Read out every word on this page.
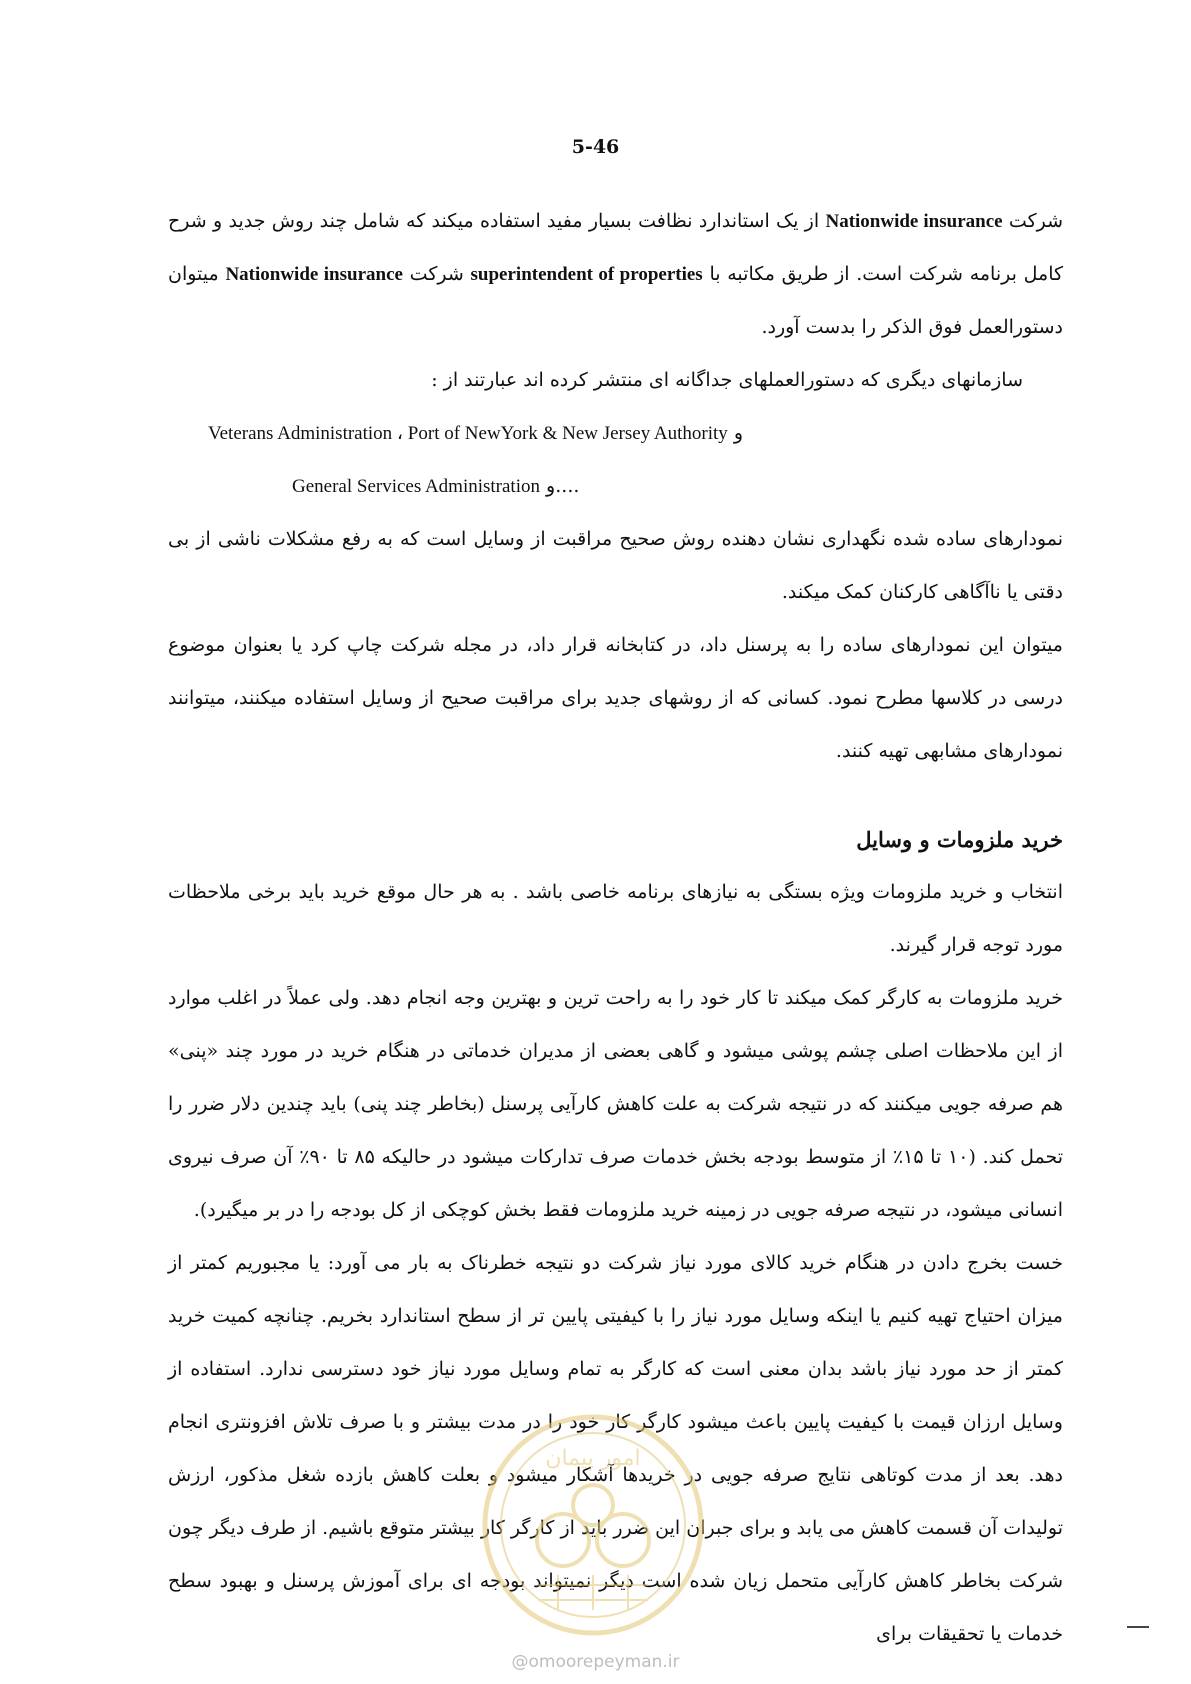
5-46

شرکت Nationwide insurance از یک استاندارد نظافت بسیار مفید استفاده میکند که شامل چند روش جدید و شرح کامل برنامه شرکت است. از طریق مکاتبه با superintendent of properties شرکت Nationwide insurance میتوان دستورالعمل فوق الذکر را بدست آورد.

سازمانهای دیگری که دستورالعملهای جداگانه ای منتشر کرده اند عبارتند از :

Veterans Administration ، Port of NewYork & New Jersey Authority و

General Services Administration و....

نمودارهای ساده شده نگهداری نشان دهنده روش صحیح مراقبت از وسایل است که به رفع مشکلات ناشی از بی دقتی یا ناآگاهی کارکنان کمک میکند.

میتوان این نمودارهای ساده را به پرسنل داد، در کتابخانه قرار داد، در مجله شرکت چاپ کرد یا بعنوان موضوع درسی در کلاسها مطرح نمود. کسانی که از روشهای جدید برای مراقبت صحیح از وسایل استفاده میکنند، میتوانند نمودارهای مشابهی تهیه کنند.

خرید ملزومات و وسایل

انتخاب و خرید ملزومات ویژه بستگی به نیازهای برنامه خاصی باشد . به هر حال موقع خرید باید برخی ملاحظات مورد توجه قرار گیرند.

خرید ملزومات به کارگر کمک میکند تا کار خود را به راحت ترین و بهترین وجه انجام دهد. ولی عملاً در اغلب موارد از این ملاحظات اصلی چشم پوشی میشود و گاهی بعضی از مدیران خدماتی در هنگام خرید در مورد چند «پنی» هم صرفه جویی میکنند که در نتیجه شرکت به علت کاهش کارآیی پرسنل (بخاطر چند پنی) باید چندین دلار ضرر را تحمل کند. (۱۰ تا ۱۵٪ از متوسط بودجه بخش خدمات صرف تدارکات میشود در حالیکه ۸۵ تا ۹۰٪ آن صرف نیروی انسانی میشود، در نتیجه صرفه جویی در زمینه خرید ملزومات فقط بخش کوچکی از کل بودجه را در بر میگیرد).

خست بخرج دادن در هنگام خرید کالای مورد نیاز شرکت دو نتیجه خطرناک به بار می آورد: یا مجبوریم کمتر از میزان احتیاج تهیه کنیم یا اینکه وسایل مورد نیاز را با کیفیتی پایین تر از سطح استاندارد بخریم. چنانچه کمیت خرید کمتر از حد مورد نیاز باشد بدان معنی است که کارگر به تمام وسایل مورد نیاز خود دسترسی ندارد. استفاده از وسایل ارزان قیمت با کیفیت پایین باعث میشود کارگر کار خود را در مدت بیشتر و با صرف تلاش افزونتری انجام دهد. بعد از مدت کوتاهی نتایج صرفه جویی در خریدها آشکار میشود و بعلت کاهش بازده شغل مذکور، ارزش تولیدات آن قسمت کاهش می یابد و برای جبران این ضرر باید از کارگر کار بیشتر متوقع باشیم. از طرف دیگر چون شرکت بخاطر کاهش کارآیی متحمل زیان شده است دیگر نمیتواند بودجه ای برای آموزش پرسنل و بهبود سطح خدمات یا تحقیقات برای

امور پیمان
@omoorepeyman.ir
